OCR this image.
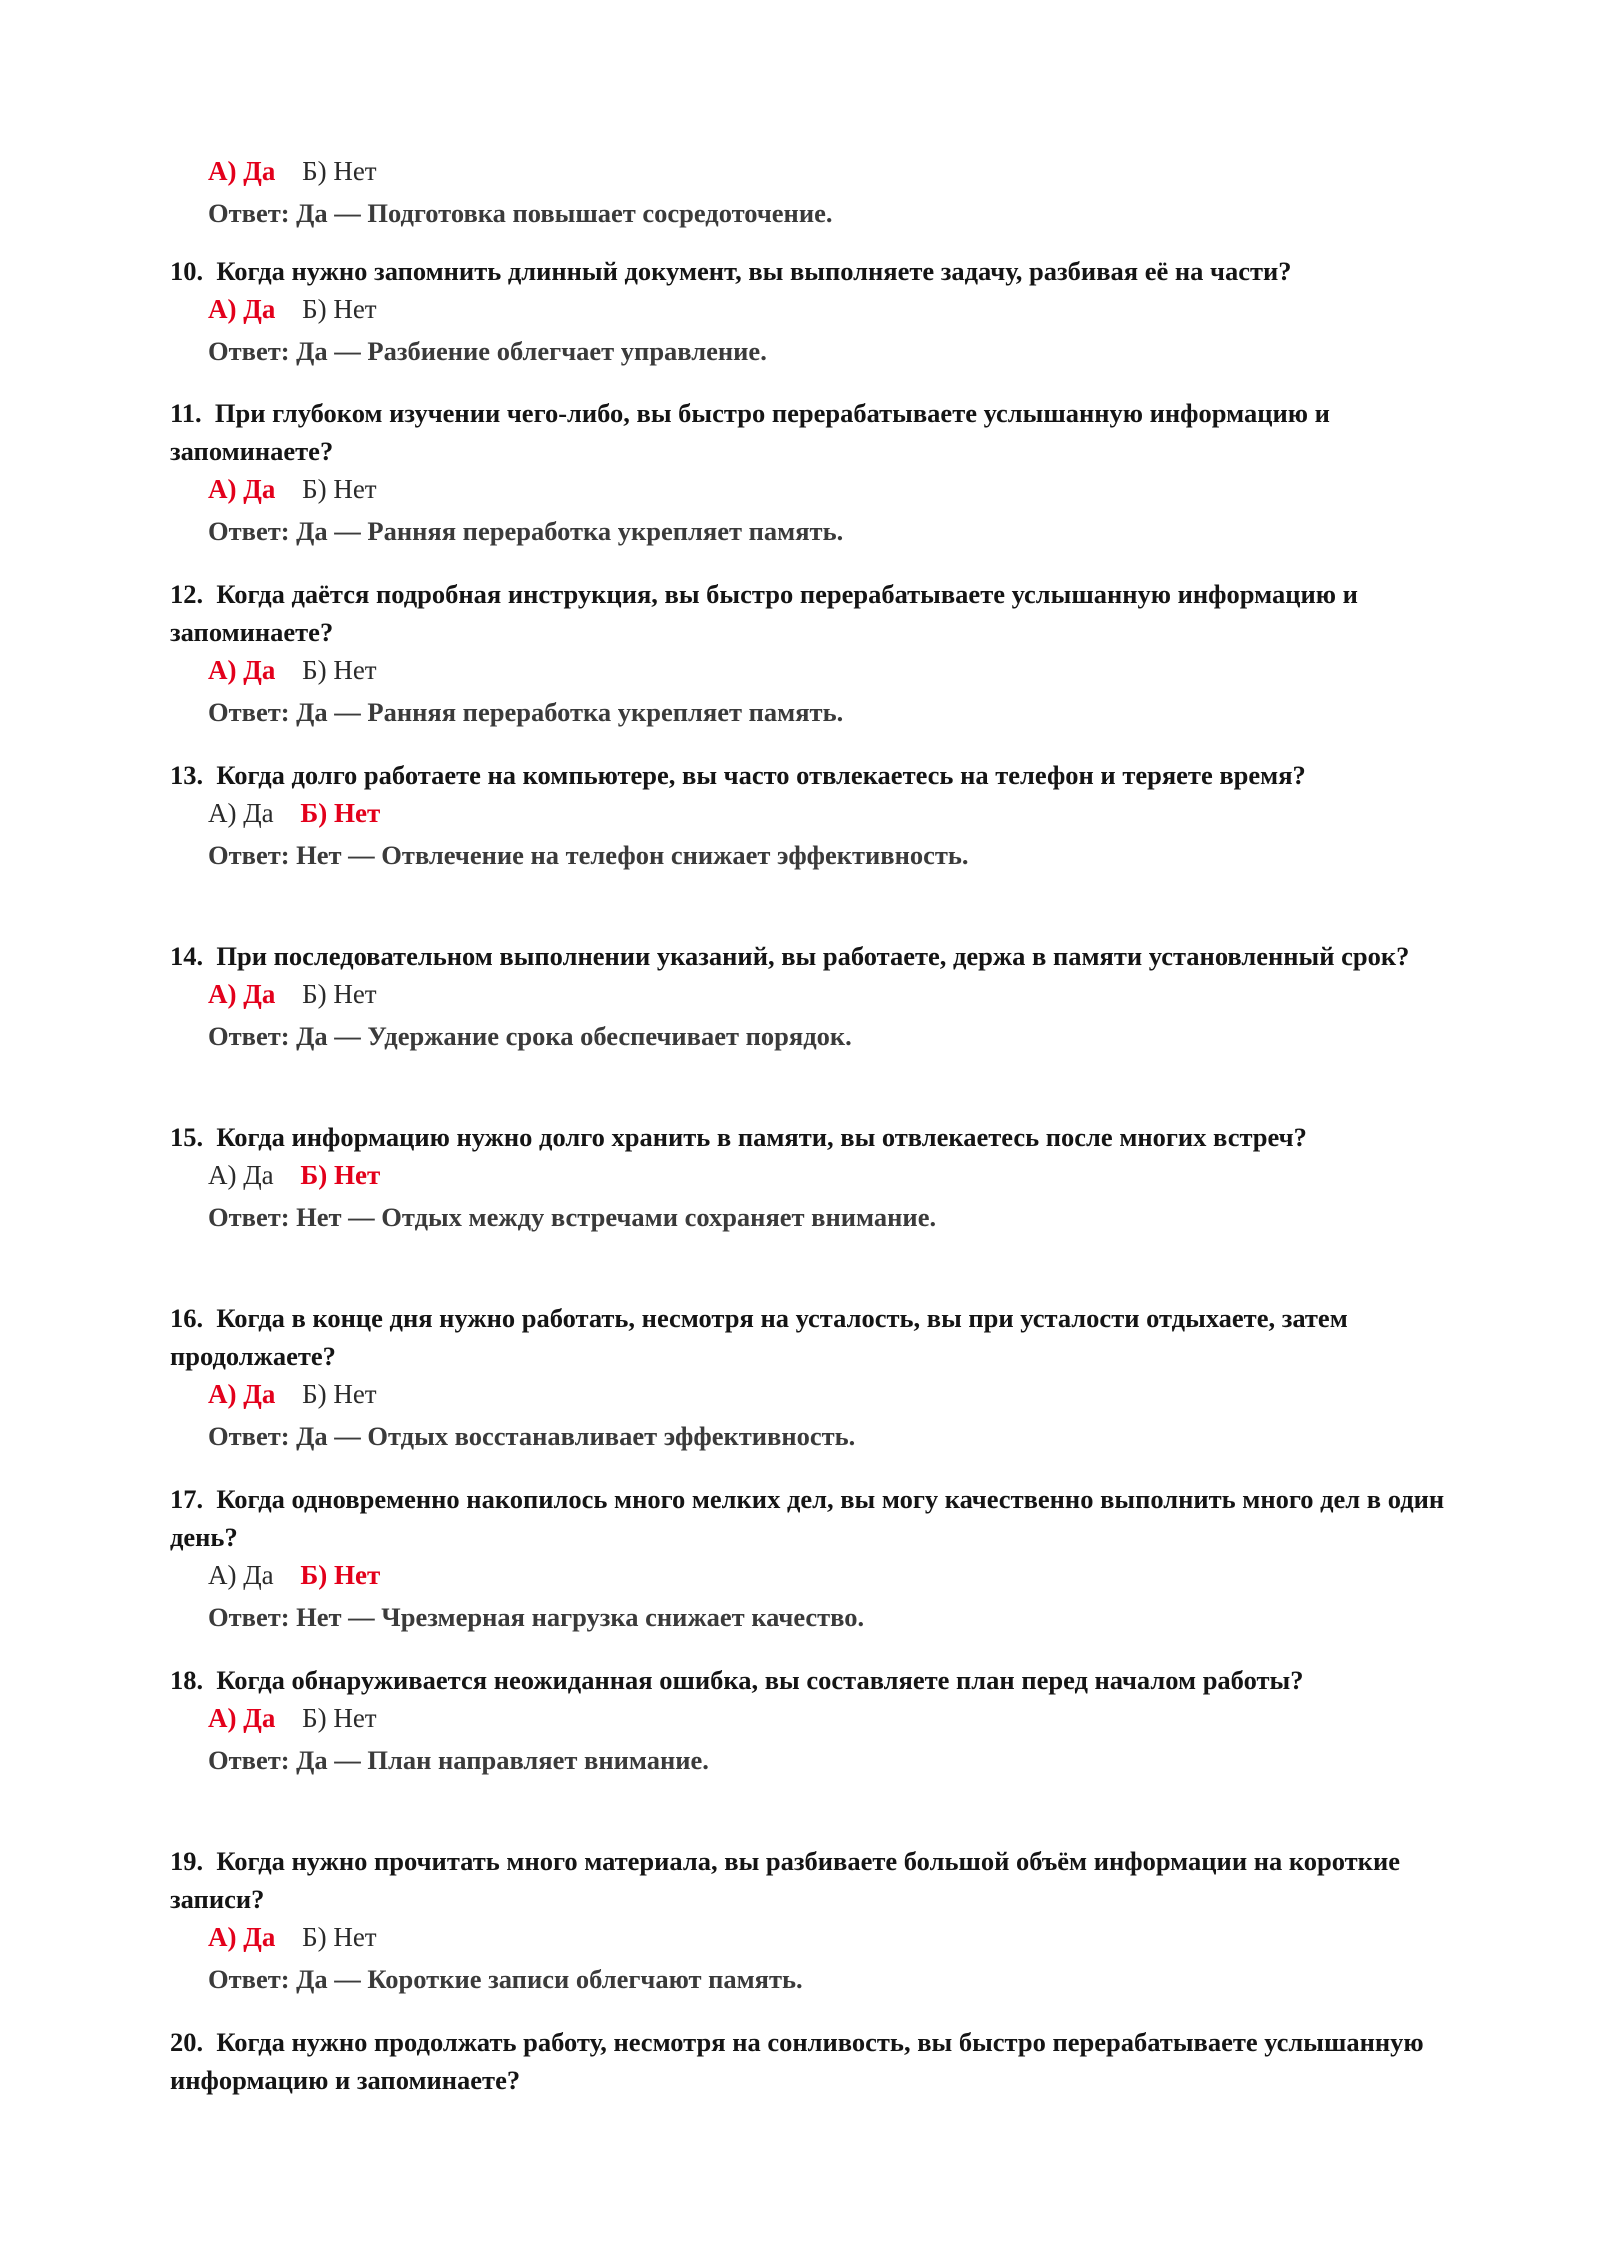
А) Да Б) Нет
Ответ: Да — Подготовка повышает сосредоточение.

10. Когда нужно запомнить длинный документ, вы выполняете задачу, разбивая её на части?

А) Да Б) Нет
Ответ: Да — Разбиение облегчает управление.

11. При глубоком изучении чего-либо, вы быстро перерабатываете услышанную информацию и запоминаете?

А) Да Б) Нет
Ответ: Да — Ранняя переработка укрепляет память.

12. Когда даётся подробная инструкция, вы быстро перерабатываете услышанную информацию и запоминаете?

А) Да Б) Нет
Ответ: Да — Ранняя переработка укрепляет память.

13. Когда долго работаете на компьютере, вы часто отвлекаетесь на телефон и теряете время?

А) Да Б) Нет
Ответ: Нет — Отвлечение на телефон снижает эффективность.

14. При последовательном выполнении указаний, вы работаете, держа в памяти установленный срок?

А) Да Б) Нет
Ответ: Да — Удержание срока обеспечивает порядок.

15. Когда информацию нужно долго хранить в памяти, вы отвлекаетесь после многих встреч?

А) Да Б) Нет
Ответ: Нет — Отдых между встречами сохраняет внимание.

16. Когда в конце дня нужно работать, несмотря на усталость, вы при усталости отдыхаете, затем продолжаете?

А) Да Б) Нет
Ответ: Да — Отдых восстанавливает эффективность.

17. Когда одновременно накопилось много мелких дел, вы могу качественно выполнить много дел в один день?

А) Да Б) Нет
Ответ: Нет — Чрезмерная нагрузка снижает качество.

18. Когда обнаруживается неожиданная ошибка, вы составляете план перед началом работы?

А) Да Б) Нет
Ответ: Да — План направляет внимание.

19. Когда нужно прочитать много материала, вы разбиваете большой объём информации на короткие записи?

А) Да Б) Нет
Ответ: Да — Короткие записи облегчают память.

20. Когда нужно продолжать работу, несмотря на сонливость, вы быстро перерабатываете услышанную информацию и запоминаете?
